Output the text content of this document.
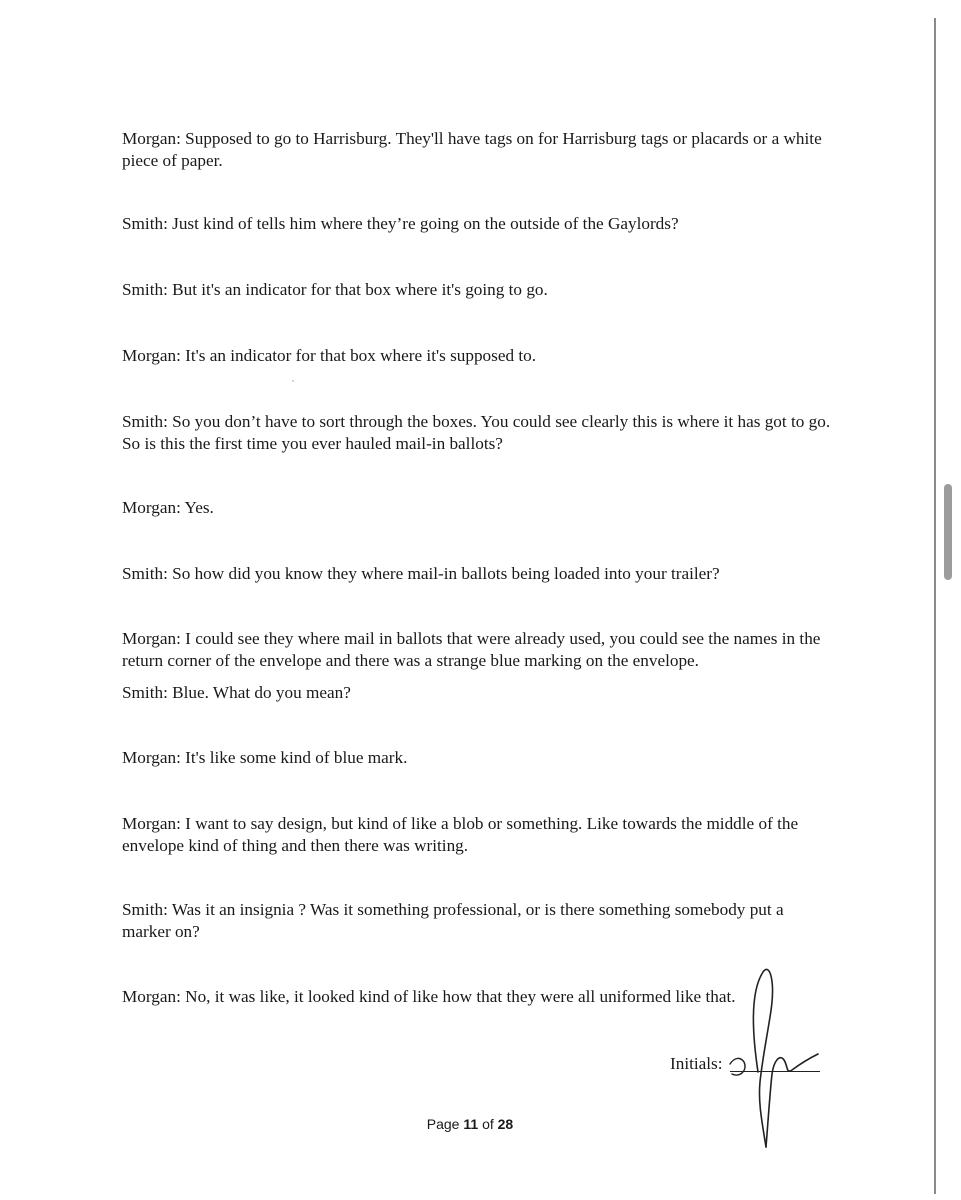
Morgan: Supposed to go to Harrisburg. They'll have tags on for Harrisburg tags or placards or a white piece of paper.
Smith: Just kind of tells him where they’re going on the outside of the Gaylords?
Smith: But it's an indicator for that box where it's going to go.
Morgan: It's an indicator for that box where it's supposed to.
Smith: So you don’t have to sort through the boxes. You could see clearly this is where it has got to go. So is this the first time you ever hauled mail-in ballots?
Morgan: Yes.
Smith: So how did you know they where mail-in ballots being loaded into your trailer?
Morgan: I could see they where mail in ballots that were already used, you could see the names in the return corner of the envelope and there was a strange blue marking on the envelope.
Smith: Blue. What do you mean?
Morgan: It's like some kind of blue mark.
Morgan: I want to say design, but kind of like a blob or something. Like towards the middle of the envelope kind of thing and then there was writing.
Smith: Was it an insignia ? Was it something professional, or is there something somebody put a marker on?
Morgan: No, it was like, it looked kind of like how that they were all uniformed like that.
Initials:
Page 11 of 28
